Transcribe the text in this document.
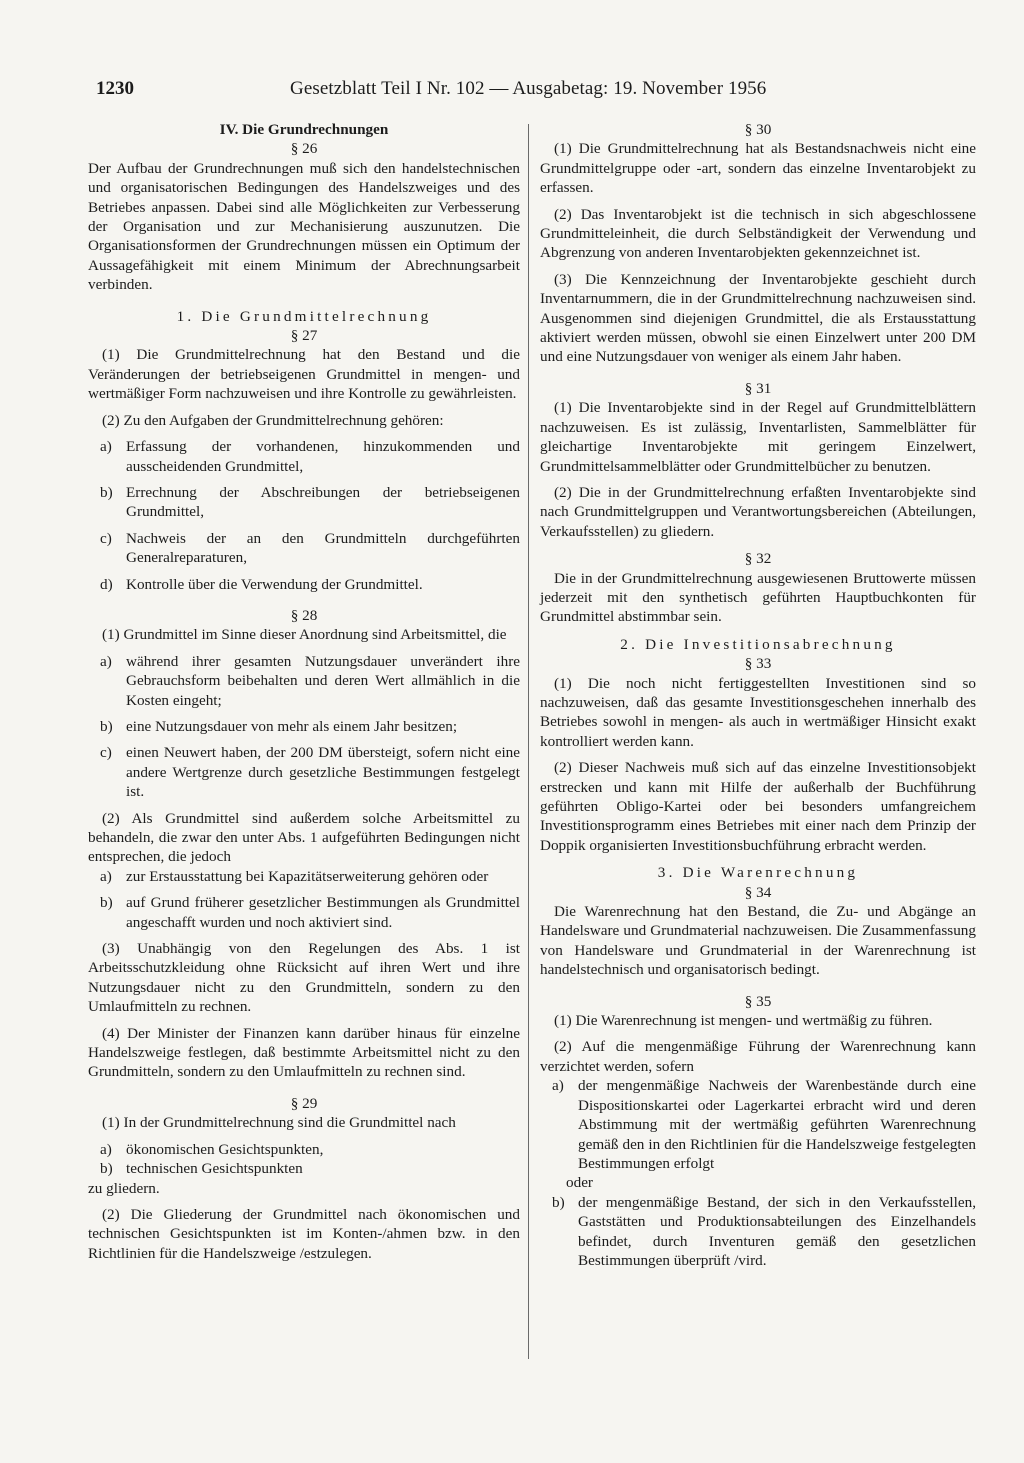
1230	Gesetzblatt Teil I Nr. 102 — Ausgabetag: 19. November 1956

IV. Die Grundrechnungen

§ 26

Der Aufbau der Grundrechnungen muß sich den handelstechnischen und organisatorischen Bedingungen des Handelszweiges und des Betriebes anpassen. Dabei sind alle Möglichkeiten zur Verbesserung der Organisation und zur Mechanisierung auszunutzen. Die Organisationsformen der Grundrechnungen müssen ein Optimum der Aussagefähigkeit mit einem Minimum der Abrechnungsarbeit verbinden.

1. Die Grundmittelrechnung

§ 27

(1) Die Grundmittelrechnung hat den Bestand und die Veränderungen der betriebseigenen Grundmittel in mengen- und wertmäßiger Form nachzuweisen und ihre Kontrolle zu gewährleisten.

(2) Zu den Aufgaben der Grundmittelrechnung gehören:

a) Erfassung der vorhandenen, hinzukommenden und ausscheidenden Grundmittel,
b) Errechnung der Abschreibungen der betriebseigenen Grundmittel,
c) Nachweis der an den Grundmitteln durchgeführten Generalreparaturen,
d) Kontrolle über die Verwendung der Grundmittel.

§ 28

(1) Grundmittel im Sinne dieser Anordnung sind Arbeitsmittel, die

a) während ihrer gesamten Nutzungsdauer unverändert ihre Gebrauchsform beibehalten und deren Wert allmählich in die Kosten eingeht;
b) eine Nutzungsdauer von mehr als einem Jahr besitzen;
c) einen Neuwert haben, der 200 DM übersteigt, sofern nicht eine andere Wertgrenze durch gesetzliche Bestimmungen festgelegt ist.

(2) Als Grundmittel sind außerdem solche Arbeitsmittel zu behandeln, die zwar den unter Abs. 1 aufgeführten Bedingungen nicht entsprechen, die jedoch

a) zur Erstausstattung bei Kapazitätserweiterung gehören oder
b) auf Grund früherer gesetzlicher Bestimmungen als Grundmittel angeschafft wurden und noch aktiviert sind.

(3) Unabhängig von den Regelungen des Abs. 1 ist Arbeitsschutzkleidung ohne Rücksicht auf ihren Wert und ihre Nutzungsdauer nicht zu den Grundmitteln, sondern zu den Umlaufmitteln zu rechnen.

(4) Der Minister der Finanzen kann darüber hinaus für einzelne Handelszweige festlegen, daß bestimmte Arbeitsmittel nicht zu den Grundmitteln, sondern zu den Umlaufmitteln zu rechnen sind.

§ 29

(1) In der Grundmittelrechnung sind die Grundmittel nach

a) ökonomischen Gesichtspunkten,
b) technischen Gesichtspunkten

zu gliedern.

(2) Die Gliederung der Grundmittel nach ökonomischen und technischen Gesichtspunkten ist im Konten-/ahmen bzw. in den Richtlinien für die Handelszweige /estzulegen.

§ 30

(1) Die Grundmittelrechnung hat als Bestandsnachweis nicht eine Grundmittelgruppe oder -art, sondern das einzelne Inventarobjekt zu erfassen.

(2) Das Inventarobjekt ist die technisch in sich abgeschlossene Grundmitteleinheit, die durch Selbständigkeit der Verwendung und Abgrenzung von anderen Inventarobjekten gekennzeichnet ist.

(3) Die Kennzeichnung der Inventarobjekte geschieht durch Inventarnummern, die in der Grundmittelrechnung nachzuweisen sind. Ausgenommen sind diejenigen Grundmittel, die als Erstausstattung aktiviert werden müssen, obwohl sie einen Einzelwert unter 200 DM und eine Nutzungsdauer von weniger als einem Jahr haben.

§ 31

(1) Die Inventarobjekte sind in der Regel auf Grundmittelblättern nachzuweisen. Es ist zulässig, Inventarlisten, Sammelblätter für gleichartige Inventarobjekte mit geringem Einzelwert, Grundmittelsammelblätter oder Grundmittelbücher zu benutzen.

(2) Die in der Grundmittelrechnung erfaßten Inventarobjekte sind nach Grundmittelgruppen und Verantwortungsbereichen (Abteilungen, Verkaufsstellen) zu gliedern.

§ 32

Die in der Grundmittelrechnung ausgewiesenen Bruttowerte müssen jederzeit mit den synthetisch geführten Hauptbuchkonten für Grundmittel abstimmbar sein.

2. Die Investitionsabrechnung

§ 33

(1) Die noch nicht fertiggestellten Investitionen sind so nachzuweisen, daß das gesamte Investitionsgeschehen innerhalb des Betriebes sowohl in mengen- als auch in wertmäßiger Hinsicht exakt kontrolliert werden kann.

(2) Dieser Nachweis muß sich auf das einzelne Investitionsobjekt erstrecken und kann mit Hilfe der außerhalb der Buchführung geführten Obligo-Kartei oder bei besonders umfangreichem Investitionsprogramm eines Betriebes mit einer nach dem Prinzip der Doppik organisierten Investitionsbuchführung erbracht werden.

3. Die Warenrechnung

§ 34

Die Warenrechnung hat den Bestand, die Zu- und Abgänge an Handelsware und Grundmaterial nachzuweisen. Die Zusammenfassung von Handelsware und Grundmaterial in der Warenrechnung ist handelstechnisch und organisatorisch bedingt.

§ 35

(1) Die Warenrechnung ist mengen- und wertmäßig zu führen.

(2) Auf die mengenmäßige Führung der Warenrechnung kann verzichtet werden, sofern

a) der mengenmäßige Nachweis der Warenbestände durch eine Dispositionskartei oder Lagerkartei erbracht wird und deren Abstimmung mit der wertmäßig geführten Warenrechnung gemäß den in den Richtlinien für die Handelszweige festgelegten Bestimmungen erfolgt

oder

b) der mengenmäßige Bestand, der sich in den Verkaufsstellen, Gaststätten und Produktionsabteilungen des Einzelhandels befindet, durch Inventuren gemäß den gesetzlichen Bestimmungen überprüft /vird.
